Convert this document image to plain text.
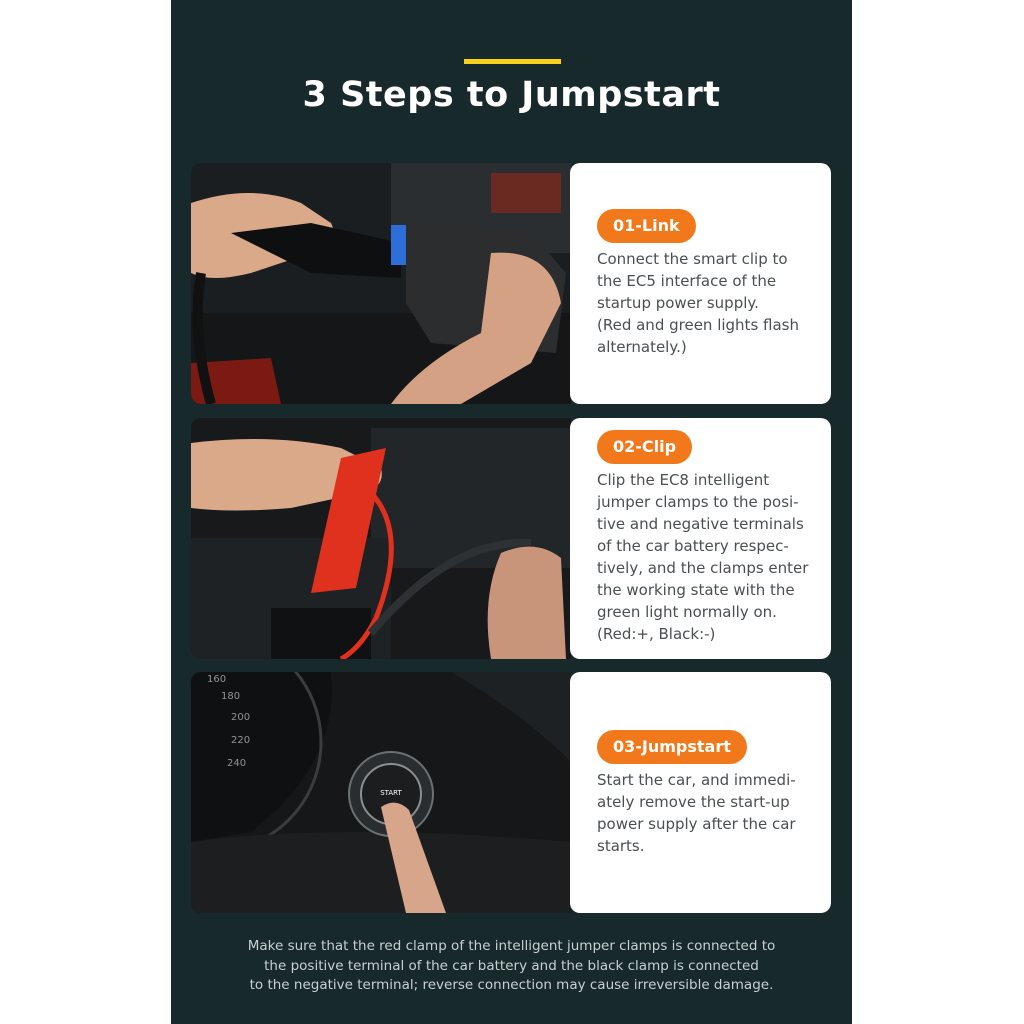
3 Steps to Jumpstart
01-Link

Connect the smart clip to
the EC5 interface of the
startup power supply.
(Red and green lights flash
alternately.)

02-Clip

Clip the EC8 intelligent
jumper clamps to the posi-
tive and negative terminals
of the car battery respec-
tively, and the clamps enter
the working state with the
green light normally on.
(Red:+, Black:-)

160
180
200
220
240
START
03-Jumpstart

Start the car, and immedi-
ately remove the start-up
power supply after the car
starts.

Make sure that the red clamp of the intelligent jumper clamps is connected to
the positive terminal of the car battery and the black clamp is connected
to the negative terminal; reverse connection may cause irreversible damage.
